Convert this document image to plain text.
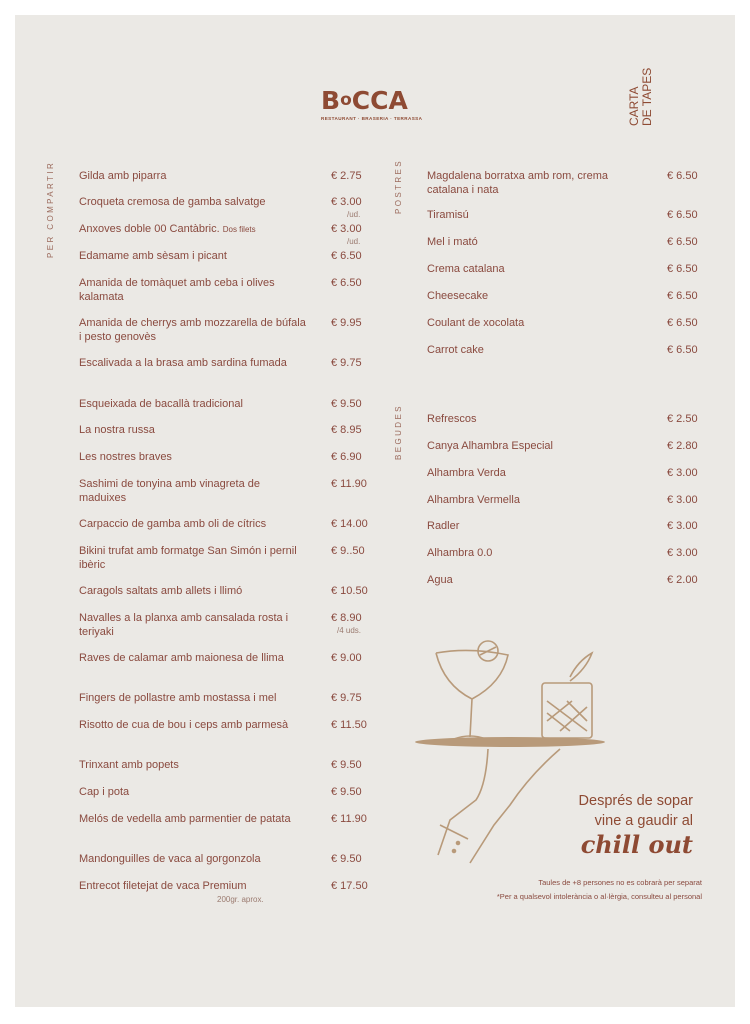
BoCCA
RESTAURANT · BRASERIA · TERRASSA	CARTA DE TAPES
PER COMPARTIR	POSTRES
BEGUDES
Gilda amb piparra	€ 2.75
Croqueta cremosa de gamba salvatge	€ 3.00
/ud.
Anxoves doble 00 Cantàbric. Dos filets	€ 3.00
/ud.
Edamame amb sèsam i picant	€ 6.50
Amanida de tomàquet amb ceba i olives kalamata
€ 6.50
Amanida de cherrys amb mozzarella de búfala i pesto genovès
€ 9.95
Escalivada a la brasa amb sardina fumada	€ 9.75
Esqueixada de bacallà tradicional	€ 9.50
La nostra russa	€ 8.95
Les nostres braves	€ 6.90
Sashimi de tonyina amb vinagreta de maduixes
€ 11.90
Carpaccio de gamba amb oli de cítrics	€ 14.00
Bikini trufat amb formatge San Simón i pernil ibèric
€ 9..50
Caragols saltats amb allets i llimó	€ 10.50
Navalles a la planxa amb cansalada rosta i teriyaki
€ 8.90
/4 uds.
Raves de calamar amb maionesa de llima	€ 9.00
Fingers de pollastre amb mostassa i mel	€ 9.75
Risotto de cua de bou i ceps amb parmesà	€ 11.50
Trinxant amb popets	€ 9.50
Cap i pota	€ 9.50
Melós de vedella amb parmentier de patata	€ 11.90
Mandonguilles de vaca al gorgonzola	€ 9.50
Entrecot filetejat de vaca Premium	€ 17.50
200gr. aprox.
Magdalena borratxa amb rom, crema catalana i nata
€ 6.50
Tiramisú	€ 6.50
Mel i mató	€ 6.50
Crema catalana	€ 6.50
Cheesecake	€ 6.50
Coulant de xocolata	€ 6.50
Carrot cake	€ 6.50
Refrescos	€ 2.50
Canya Alhambra Especial	€ 2.80
Alhambra Verda	€ 3.00
Alhambra Vermella	€ 3.00
Radler	€ 3.00
Alhambra 0.0	€ 3.00
Agua	€ 2.00
Després de sopar
vine a gaudir al
chill out
Taules de +8 persones no es cobrarà per separat
*Per a qualsevol intolerància o al·lèrgia, consulteu al personal
